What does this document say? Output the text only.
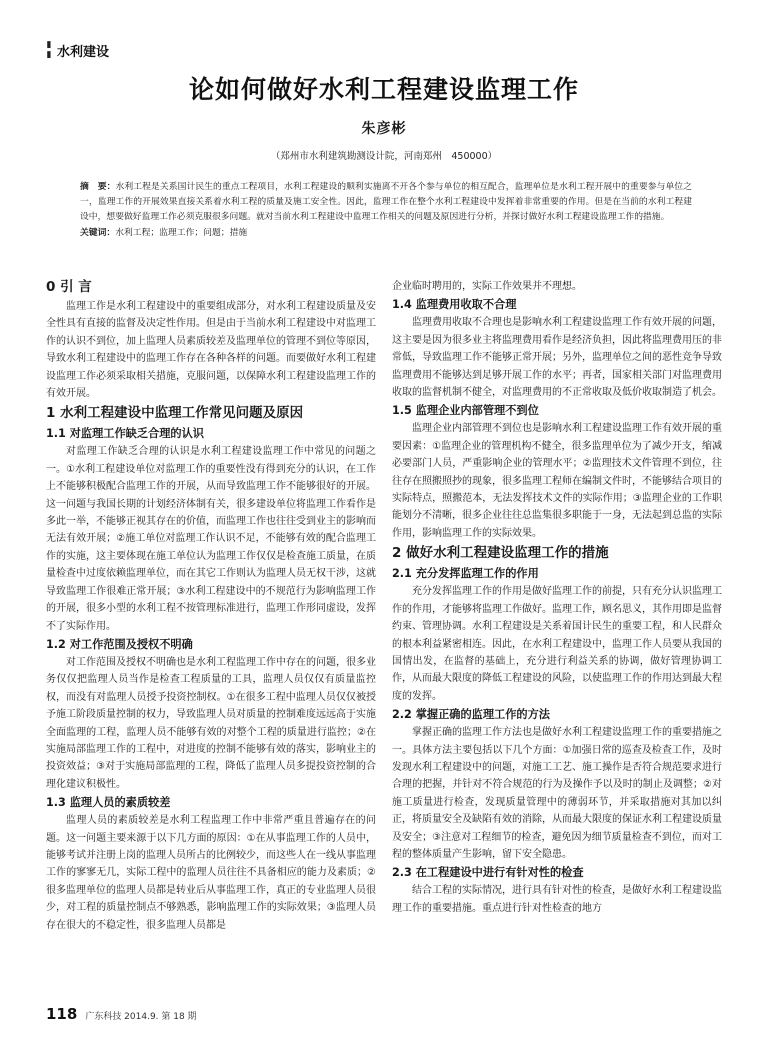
▮▮ 水利建设
论如何做好水利工程建设监理工作
朱彦彬
（郑州市水利建筑勘测设计院，河南郑州　450000）
摘　要：水利工程是关系国计民生的重点工程项目，水利工程建设的顺利实施离不开各个参与单位的相互配合，监理单位是水利工程开展中的重要参与单位之一，监理工作的开展效果直接关系着水利工程的质量及施工安全性。因此，监理工作在整个水利工程建设中发挥着非常重要的作用。但是在当前的水利工程建设中，想要做好监理工作必须克服很多问题。就对当前水利工程建设中监理工作相关的问题及原因进行分析，并探讨做好水利工程建设监理工作的措施。
关键词：水利工程；监理工作；问题；措施
0 引 言

监理工作是水利工程建设中的重要组成部分，对水利工程建设质量及安全性具有直接的监督及决定性作用。但是由于当前水利工程建设中对监理工作的认识不到位，加上监理人员素质较差及监理单位的管理不到位等原因，导致水利工程建设中的监理工作存在各种各样的问题。而要做好水利工程建设监理工作必须采取相关措施，克服问题，以保障水利工程建设监理工作的有效开展。

1 水利工程建设中监理工作常见问题及原因
1.1 对监理工作缺乏合理的认识

对监理工作缺乏合理的认识是水利工程建设监理工作中常见的问题之一。①水利工程建设单位对监理工作的重要性没有得到充分的认识，在工作上不能够积极配合监理工作的开展，从而导致监理工作不能够很好的开展。这一问题与我国长期的计划经济体制有关，很多建设单位将监理工作看作是多此一举，不能够正视其存在的价值，而监理工作也往往受到业主的影响而无法有效开展；②施工单位对监理工作认识不足，不能够有效的配合监理工作的实施，这主要体现在施工单位认为监理工作仅仅是检查施工质量，在质量检查中过度依赖监理单位，而在其它工作则认为监理人员无权干涉，这就导致监理工作很难正常开展；③水利工程建设中的不规范行为影响监理工作的开展，很多小型的水利工程不按管理标准进行，监理工作形同虚设，发挥不了实际作用。

1.2 对工作范围及授权不明确

对工作范围及授权不明确也是水利工程监理工作中存在的问题，很多业务仅仅把监理人员当作是检查工程质量的工具，监理人员仅仅有质量监控权，而没有对监理人员授予投资控制权。①在很多工程中监理人员仅仅被授予施工阶段质量控制的权力，导致监理人员对质量的控制难度远远高于实施全面监理的工程，监理人员不能够有效的对整个工程的质量进行监控；②在实施局部监理工作的工程中，对进度的控制不能够有效的落实，影响业主的投资效益；③对于实施局部监理的工程，降低了监理人员多提投资控制的合理化建议积极性。

1.3 监理人员的素质较差

监理人员的素质较差是水利工程监理工作中非常严重且普遍存在的问题。这一问题主要来源于以下几方面的原因：①在从事监理工作的人员中，能够考试并注册上岗的监理人员所占的比例较少，而这些人在一线从事监理工作的寥寥无几，实际工程中的监理人员往往不具备相应的能力及素质；②很多监理单位的监理人员都是转业后从事监理工作，真正的专业监理人员很少，对工程的质量控制点不够熟悉，影响监理工作的实际效果；③监理人员存在很大的不稳定性，很多监理人员都是

企业临时聘用的，实际工作效果并不理想。

1.4 监理费用收取不合理

监理费用收取不合理也是影响水利工程建设监理工作有效开展的问题，这主要是因为很多业主将监理费用看作是经济负担，因此将监理费用压的非常低，导致监理工作不能够正常开展；另外，监理单位之间的恶性竞争导致监理费用不能够达到足够开展工作的水平；再者，国家相关部门对监理费用收取的监督机制不健全，对监理费用的不正常收取及低价收取制造了机会。

1.5 监理企业内部管理不到位

监理企业内部管理不到位也是影响水利工程建设监理工作有效开展的重要因素：①监理企业的管理机构不健全，很多监理单位为了减少开支，缩减必要部门人员，严重影响企业的管理水平；②监理技术文件管理不到位，往往存在照搬照抄的现象，很多监理工程师在编制文件时，不能够结合项目的实际特点，照搬范本，无法发挥技术文件的实际作用；③监理企业的工作职能划分不清晰，很多企业往往总监集很多职能于一身，无法起到总监的实际作用，影响监理工作的实际效果。

2 做好水利工程建设监理工作的措施
2.1 充分发挥监理工作的作用

充分发挥监理工作的作用是做好监理工作的前提，只有充分认识监理工作的作用，才能够将监理工作做好。监理工作，顾名思义，其作用即是监督约束、管理协调。水利工程建设是关系着国计民生的重要工程，和人民群众的根本利益紧密相连。因此，在水利工程建设中，监理工作人员要从我国的国情出发，在监督的基础上，充分进行利益关系的协调，做好管理协调工作，从而最大限度的降低工程建设的风险，以使监理工作的作用达到最大程度的发挥。

2.2 掌握正确的监理工作的方法

掌握正确的监理工作方法也是做好水利工程建设监理工作的重要措施之一。具体方法主要包括以下几个方面：①加强日常的巡查及检查工作，及时发现水利工程建设中的问题，对施工工艺、施工操作是否符合规范要求进行合理的把握，并针对不符合规范的行为及操作予以及时的制止及调整；②对施工质量进行检查，发现质量管理中的薄弱环节，并采取措施对其加以纠正，将质量安全及缺陷有效的消除，从而最大限度的保证水利工程建设质量及安全；③注意对工程细节的检查，避免因为细节质量检查不到位，而对工程的整体质量产生影响，留下安全隐患。

2.3 在工程建设中进行有针对性的检查

结合工程的实际情况，进行具有针对性的检查，是做好水利工程建设监理工作的重要措施。重点进行针对性检查的地方

118 广东科技 2014.9. 第 18 期
